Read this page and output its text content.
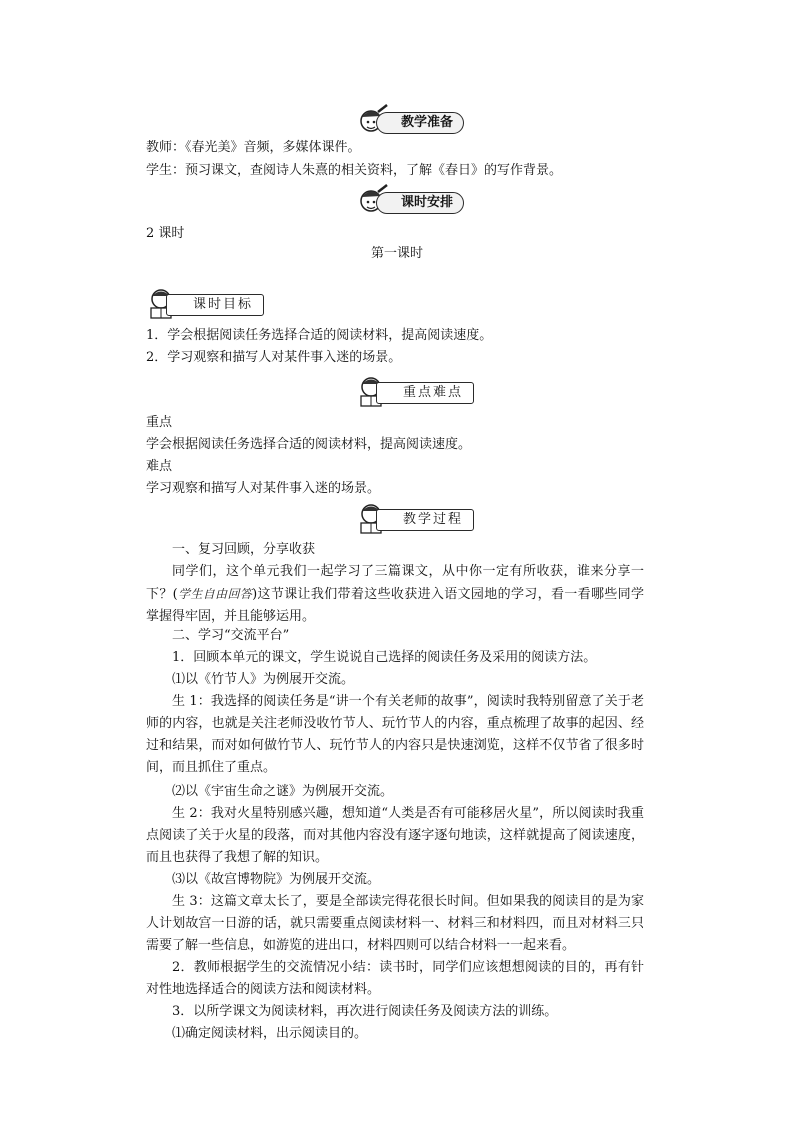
教学准备
教师：《春光美》音频，多媒体课件。
学生：预习课文，查阅诗人朱熹的相关资料，了解《春日》的写作背景。
课时安排
2 课时
第一课时
课时目标
1．学会根据阅读任务选择合适的阅读材料，提高阅读速度。
2．学习观察和描写人对某件事入迷的场景。
重点难点
重点
学会根据阅读任务选择合适的阅读材料，提高阅读速度。
难点
学习观察和描写人对某件事入迷的场景。
教学过程
一、复习回顾，分享收获
同学们，这个单元我们一起学习了三篇课文，从中你一定有所收获，谁来分享一下？(学生自由回答)这节课让我们带着这些收获进入语文园地的学习，看一看哪些同学掌握得牢固，并且能够运用。
二、学习“交流平台”
1．回顾本单元的课文，学生说说自己选择的阅读任务及采用的阅读方法。
⑴以《竹节人》为例展开交流。
生 1：我选择的阅读任务是“讲一个有关老师的故事”，阅读时我特别留意了关于老师的内容，也就是关注老师没收竹节人、玩竹节人的内容，重点梳理了故事的起因、经过和结果，而对如何做竹节人、玩竹节人的内容只是快速浏览，这样不仅节省了很多时间，而且抓住了重点。
⑵以《宇宙生命之谜》为例展开交流。
生 2：我对火星特别感兴趣，想知道“人类是否有可能移居火星”，所以阅读时我重点阅读了关于火星的段落，而对其他内容没有逐字逐句地读，这样就提高了阅读速度，而且也获得了我想了解的知识。
⑶以《故宫博物院》为例展开交流。
生 3：这篇文章太长了，要是全部读完得花很长时间。但如果我的阅读目的是为家人计划故宫一日游的话，就只需要重点阅读材料一、材料三和材料四，而且对材料三只需要了解一些信息，如游览的进出口，材料四则可以结合材料一一起来看。
2．教师根据学生的交流情况小结：读书时，同学们应该想想阅读的目的，再有针对性地选择适合的阅读方法和阅读材料。
3．以所学课文为阅读材料，再次进行阅读任务及阅读方法的训练。
⑴确定阅读材料，出示阅读目的。
